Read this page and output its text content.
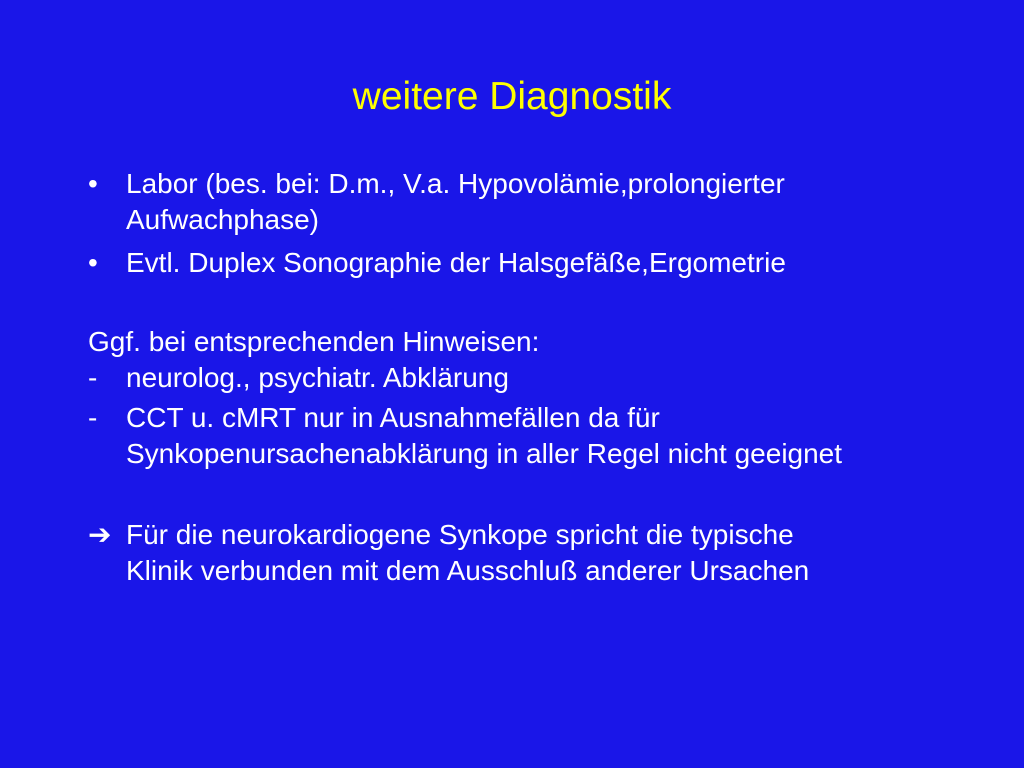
weitere Diagnostik
•	Labor (bes. bei: D.m., V.a. Hypovolämie,prolongierter Aufwachphase)
•	Evtl. Duplex Sonographie der Halsgefäße,Ergometrie
Ggf. bei entsprechenden Hinweisen:
-	neurolog., psychiatr. Abklärung
-	CCT u. cMRT nur in Ausnahmefällen da für Synkopenursachenabklärung in aller Regel nicht geeignet
➔ Für die neurokardiogene Synkope spricht die typische Klinik verbunden mit dem Ausschluß anderer Ursachen
